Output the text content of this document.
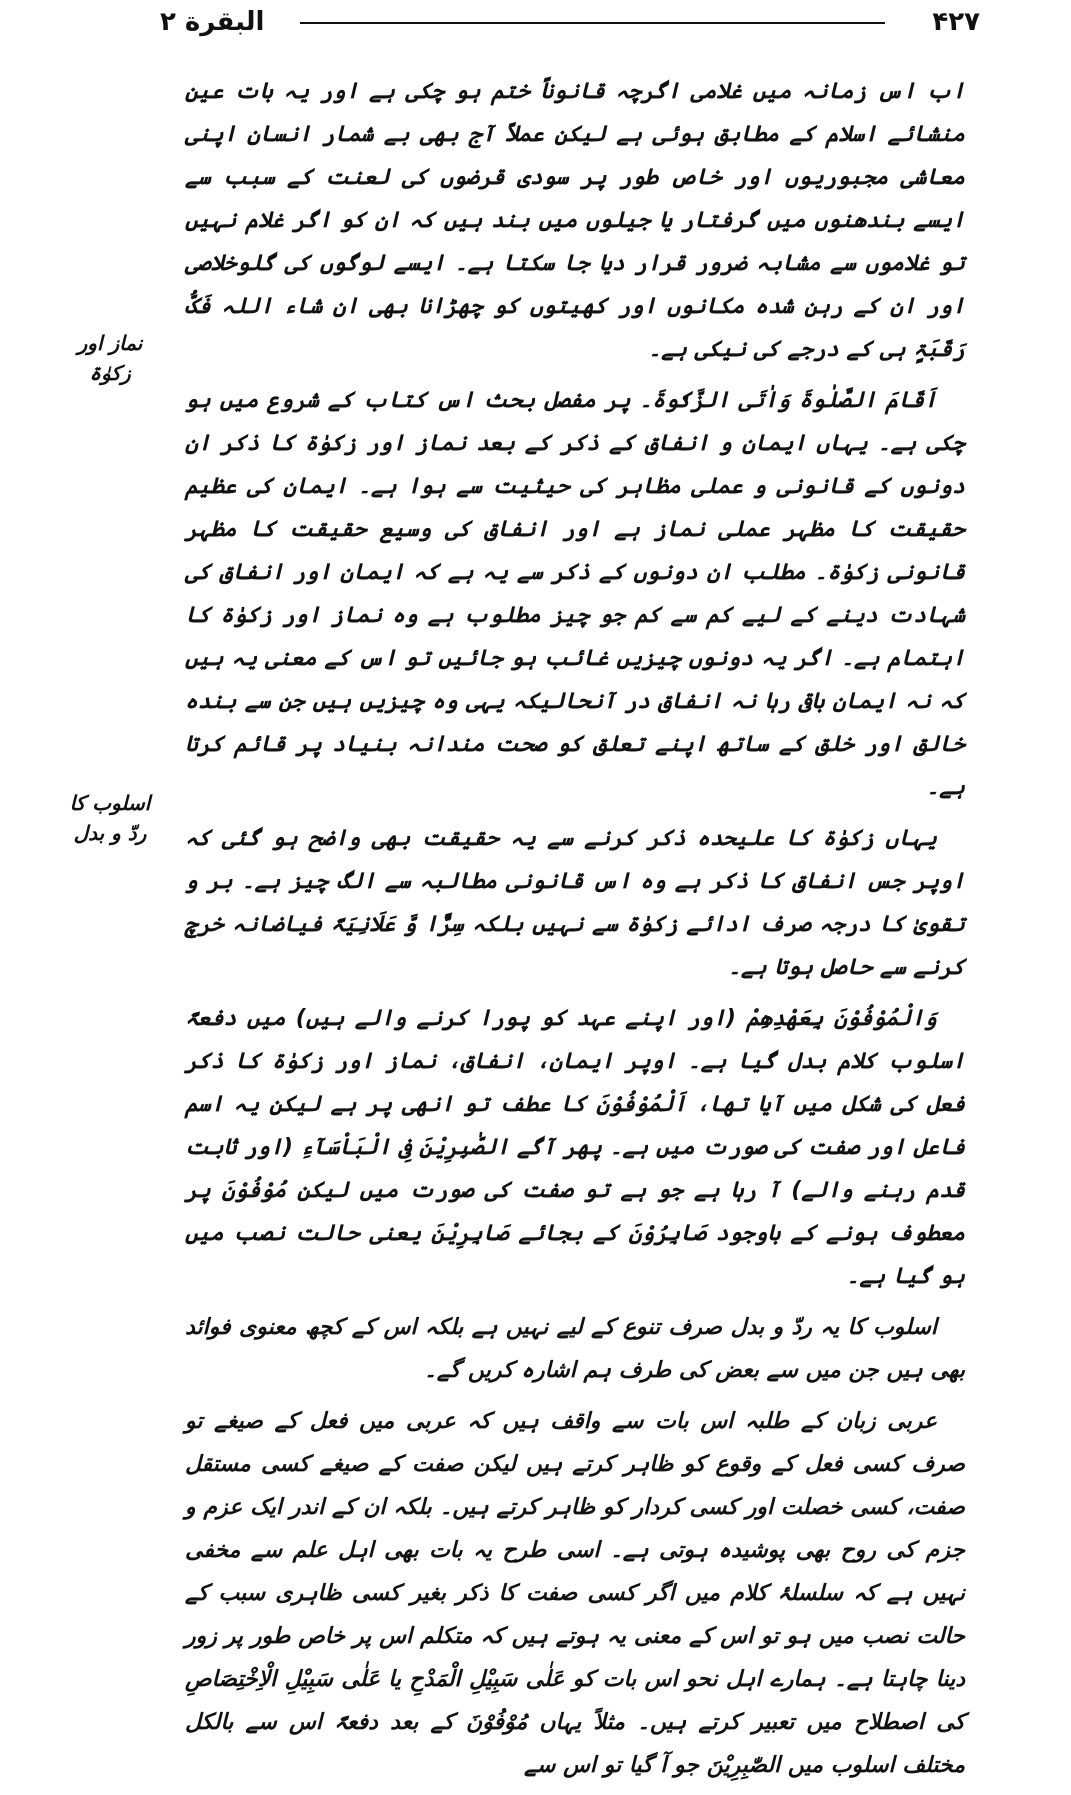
۴۲۷
البقرة ۲
نماز اور زکوٰۃ
اسلوب کا ردّ و بدل

اب اس زمانہ میں غلامی اگرچہ قانوناً ختم ہو چکی ہے اور یہ بات عین منشائے اسلام کے مطابق ہوئی ہے لیکن عملاً آج بھی بے شمار انسان اپنی معاشی مجبوریوں اور خاص طور پر سودی قرضوں کی لعنت کے سبب سے ایسے بندھنوں میں گرفتار یا جیلوں میں بند ہیں کہ ان کو اگر غلام نہیں تو غلاموں سے مشابہ ضرور قرار دیا جا سکتا ہے۔ ایسے لوگوں کی گلوخلاصی اور ان کے رہن شدہ مکانوں اور کھیتوں کو چھڑانا بھی ان شاء اللہ فَکُّ رَقَبَۃٍ ہی کے درجے کی نیکی ہے۔

اَقَامَ الصَّلٰوۃَ وَاٰتَی الزَّکٰوۃَ۔ پر مفصل بحث اس کتاب کے شروع میں ہو چکی ہے۔ یہاں ایمان و انفاق کے ذکر کے بعد نماز اور زکوٰۃ کا ذکر ان دونوں کے قانونی و عملی مظاہر کی حیثیت سے ہوا ہے۔ ایمان کی عظیم حقیقت کا مظہر عملی نماز ہے اور انفاق کی وسیع حقیقت کا مظہر قانونی زکوٰۃ۔ مطلب ان دونوں کے ذکر سے یہ ہے کہ ایمان اور انفاق کی شہادت دینے کے لیے کم سے کم جو چیز مطلوب ہے وہ نماز اور زکوٰۃ کا اہتمام ہے۔ اگر یہ دونوں چیزیں غائب ہو جائیں تو اس کے معنی یہ ہیں کہ نہ ایمان باقی رہا نہ انفاق در آنحالیکہ یہی وہ چیزیں ہیں جن سے بندہ خالق اور خلق کے ساتھ اپنے تعلق کو صحت مندانہ بنیاد پر قائم کرتا ہے۔

یہاں زکوٰۃ کا علیحدہ ذکر کرنے سے یہ حقیقت بھی واضح ہو گئی کہ اوپر جس انفاق کا ذکر ہے وہ اس قانونی مطالبہ سے الگ چیز ہے۔ بر و تقویٰ کا درجہ صرف ادائے زکوٰۃ سے نہیں بلکہ سِرًّا وَّ عَلَانِیَۃً فیاضانہ خرچ کرنے سے حاصل ہوتا ہے۔

وَالْمُوْفُوْنَ بِعَھْدِھِمْ (اور اپنے عہد کو پورا کرنے والے ہیں) میں دفعۃً اسلوب کلام بدل گیا ہے۔ اوپر ایمان، انفاق، نماز اور زکوٰۃ کا ذکر فعل کی شکل میں آیا تھا، اَلْمُوْفُوْنَ کا عطف تو انھی پر ہے لیکن یہ اسم فاعل اور صفت کی صورت میں ہے۔ پھر آگے الصّٰبِرِیْنَ فِی الْبَاْسَآءِ (اور ثابت قدم رہنے والے) آ رہا ہے جو ہے تو صفت کی صورت میں لیکن مُوْفُوْنَ پر معطوف ہونے کے باوجود صَابِرُوْنَ کے بجائے صَابِرِیْنَ یعنی حالت نصب میں ہو گیا ہے۔

اسلوب کا یہ ردّ و بدل صرف تنوع کے لیے نہیں ہے بلکہ اس کے کچھ معنوی فوائد بھی ہیں جن میں سے بعض کی طرف ہم اشارہ کریں گے۔

عربی زبان کے طلبہ اس بات سے واقف ہیں کہ عربی میں فعل کے صیغے تو صرف کسی فعل کے وقوع کو ظاہر کرتے ہیں لیکن صفت کے صیغے کسی مستقل صفت، کسی خصلت اور کسی کردار کو ظاہر کرتے ہیں۔ بلکہ ان کے اندر ایک عزم و جزم کی روح بھی پوشیدہ ہوتی ہے۔ اسی طرح یہ بات بھی اہل علم سے مخفی نہیں ہے کہ سلسلۂ کلام میں اگر کسی صفت کا ذکر بغیر کسی ظاہری سبب کے حالت نصب میں ہو تو اس کے معنی یہ ہوتے ہیں کہ متکلم اس پر خاص طور پر زور دینا چاہتا ہے۔ ہمارے اہل نحو اس بات کو عَلٰی سَبِیْلِ الْمَدْحِ یا عَلٰی سَبِیْلِ الْاِخْتِصَاصِ کی اصطلاح میں تعبیر کرتے ہیں۔ مثلاً یہاں مُوْفُوْنَ کے بعد دفعۃً اس سے بالکل مختلف اسلوب میں الصّٰبِرِیْنَ جو آ گیا تو اس سے
